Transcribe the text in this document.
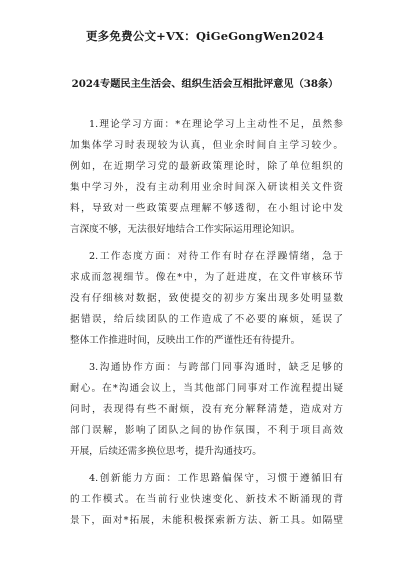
更多免费公文+VX：QiGeGongWen2024
2024专题民主生活会、组织生活会互相批评意见（38条）
1.理论学习方面：*在理论学习上主动性不足，虽然参
加集体学习时表现较为认真，但业余时间自主学习较少。
例如，在近期学习党的最新政策理论时，除了单位组织的
集中学习外，没有主动利用业余时间深入研读相关文件资
料，导致对一些政策要点理解不够透彻，在小组讨论中发
言深度不够，无法很好地结合工作实际运用理论知识。
2.工作态度方面：对待工作有时存在浮躁情绪，急于
求成而忽视细节。像在*中，为了赶进度，在文件审核环节
没有仔细核对数据，致使提交的初步方案出现多处明显数
据错误，给后续团队的工作造成了不必要的麻烦，延误了
整体工作推进时间，反映出工作的严谨性还有待提升。
3.沟通协作方面：与跨部门同事沟通时，缺乏足够的
耐心。在*沟通会议上，当其他部门同事对工作流程提出疑
问时，表现得有些不耐烦，没有充分解释清楚，造成对方
部门误解，影响了团队之间的协作氛围，不利于项目高效
开展，后续还需多换位思考，提升沟通技巧。
4.创新能力方面：工作思路偏保守，习惯于遵循旧有
的工作模式。在当前行业快速变化、新技术不断涌现的背
景下，面对*拓展，未能积极探索新方法、新工具。如隔壁
